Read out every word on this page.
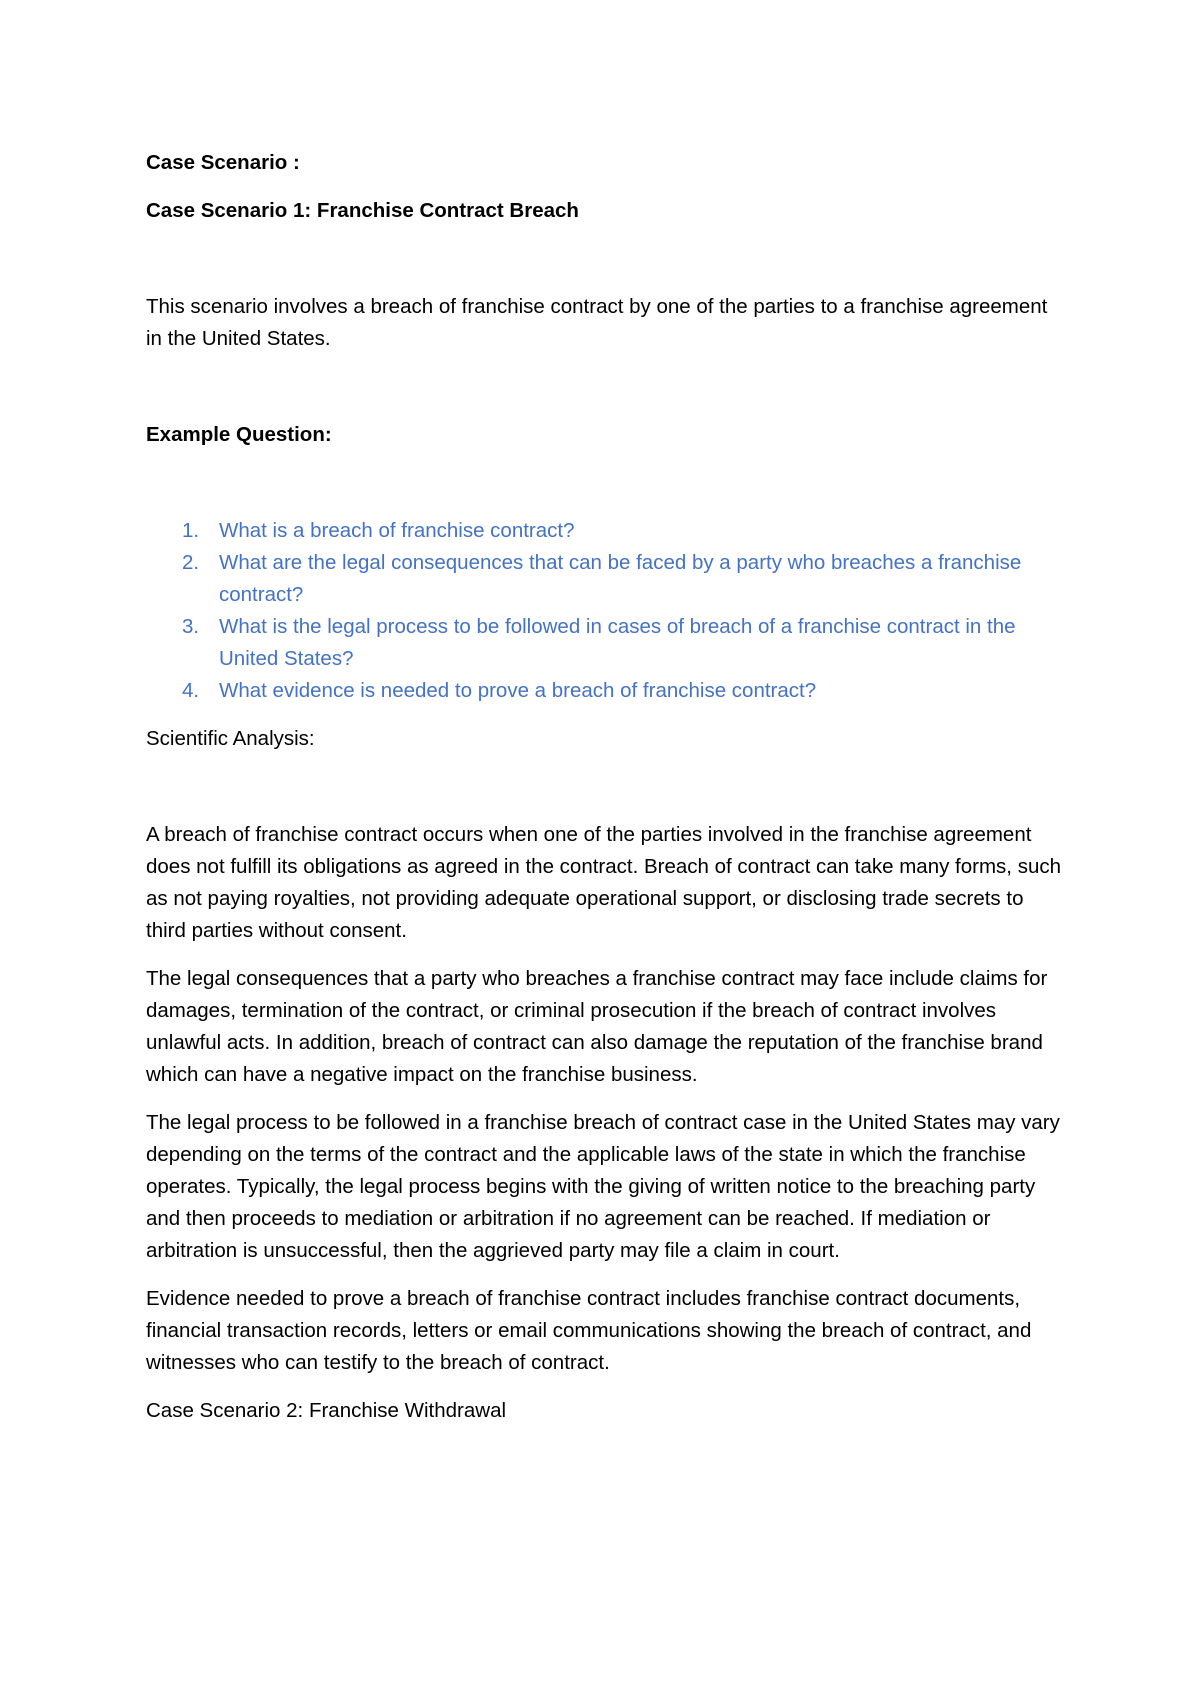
Case Scenario :

Case Scenario 1: Franchise Contract Breach

This scenario involves a breach of franchise contract by one of the parties to a franchise agreement in the United States.

Example Question:

1. What is a breach of franchise contract?
2. What are the legal consequences that can be faced by a party who breaches a franchise contract?
3. What is the legal process to be followed in cases of breach of a franchise contract in the United States?
4. What evidence is needed to prove a breach of franchise contract?

Scientific Analysis:

A breach of franchise contract occurs when one of the parties involved in the franchise agreement does not fulfill its obligations as agreed in the contract. Breach of contract can take many forms, such as not paying royalties, not providing adequate operational support, or disclosing trade secrets to third parties without consent.

The legal consequences that a party who breaches a franchise contract may face include claims for damages, termination of the contract, or criminal prosecution if the breach of contract involves unlawful acts. In addition, breach of contract can also damage the reputation of the franchise brand which can have a negative impact on the franchise business.

The legal process to be followed in a franchise breach of contract case in the United States may vary depending on the terms of the contract and the applicable laws of the state in which the franchise operates. Typically, the legal process begins with the giving of written notice to the breaching party and then proceeds to mediation or arbitration if no agreement can be reached. If mediation or arbitration is unsuccessful, then the aggrieved party may file a claim in court.

Evidence needed to prove a breach of franchise contract includes franchise contract documents, financial transaction records, letters or email communications showing the breach of contract, and witnesses who can testify to the breach of contract.

Case Scenario 2: Franchise Withdrawal
